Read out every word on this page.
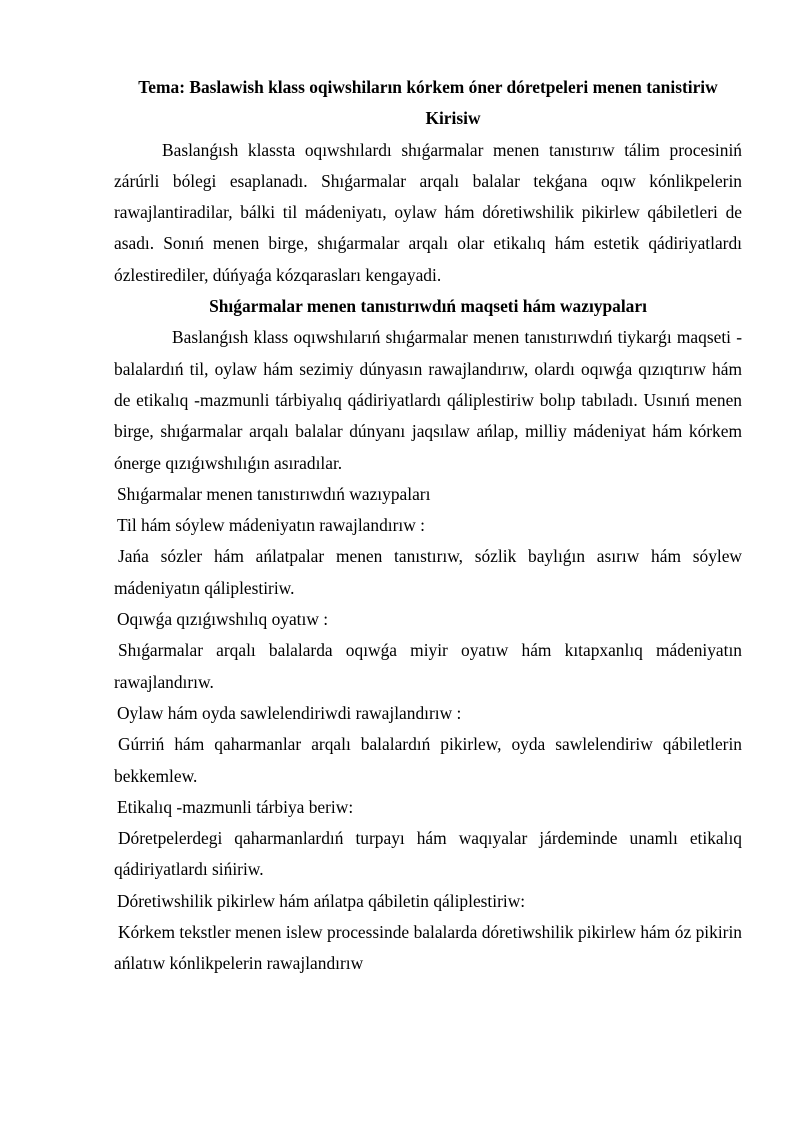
Tema: Baslawish klass oqiwshiların kórkem óner dóretpeleri menen tanistiriw

Kirisiw

Baslanǵısh klassta oqıwshılardı shıǵarmalar menen tanıstırıw tálim procesiniń zárúrli bólegi esaplanadı. Shıǵarmalar arqalı balalar tekǵana oqıw kónlikpelerin rawajlantiradilar, bálki til mádeniyatı, oylaw hám dóretiwshilik pikirlew qábiletleri de asadı. Sonıń menen birge, shıǵarmalar arqalı olar etikalıq hám estetik qádiriyatlardı ózlestirediler, dúńyaǵa kózqarasları kengayadi.

Shıǵarmalar menen tanıstırıwdıń maqseti hám wazıypaları

Baslanǵısh klass oqıwshılarıń shıǵarmalar menen tanıstırıwdıń tiykarǵı maqseti - balalardıń til, oylaw hám sezimiy dúnyasın rawajlandırıw, olardı oqıwǵa qızıqtırıw hám de etikalıq -mazmunli tárbiyalıq qádiriyatlardı qáliplestiriw bolıp tabıladı. Usınıń menen birge, shıǵarmalar arqalı balalar dúnyanı jaqsılaw ańlap, milliy mádeniyat hám kórkem ónerge qızıǵıwshılıǵın asıradılar.

Shıǵarmalar menen tanıstırıwdıń wazıypaları

Til hám sóylew mádeniyatın rawajlandırıw :

Jańa sózler hám ańlatpalar menen tanıstırıw, sózlik baylıǵın asırıw hám sóylew mádeniyatın qáliplestiriw.

Oqıwǵa qızıǵıwshılıq oyatıw :

Shıǵarmalar arqalı balalarda oqıwǵa miyir oyatıw hám kıtapxanlıq mádeniyatın rawajlandırıw.

Oylaw hám oyda sawlelendiriwdi rawajlandırıw :

Gúrriń hám qaharmanlar arqalı balalardıń pikirlew, oyda sawlelendiriw qábiletlerin bekkemlew.

Etikalıq -mazmunli tárbiya beriw:

Dóretpelerdegi qaharmanlardıń turpayı hám waqıyalar járdeminde unamlı etikalıq qádiriyatlardı sińiriw.

Dóretiwshilik pikirlew hám ańlatpa qábiletin qáliplestiriw:

Kórkem tekstler menen islew processinde balalarda dóretiwshilik pikirlew hám óz pikirin ańlatıw kónlikpelerin rawajlandırıw
